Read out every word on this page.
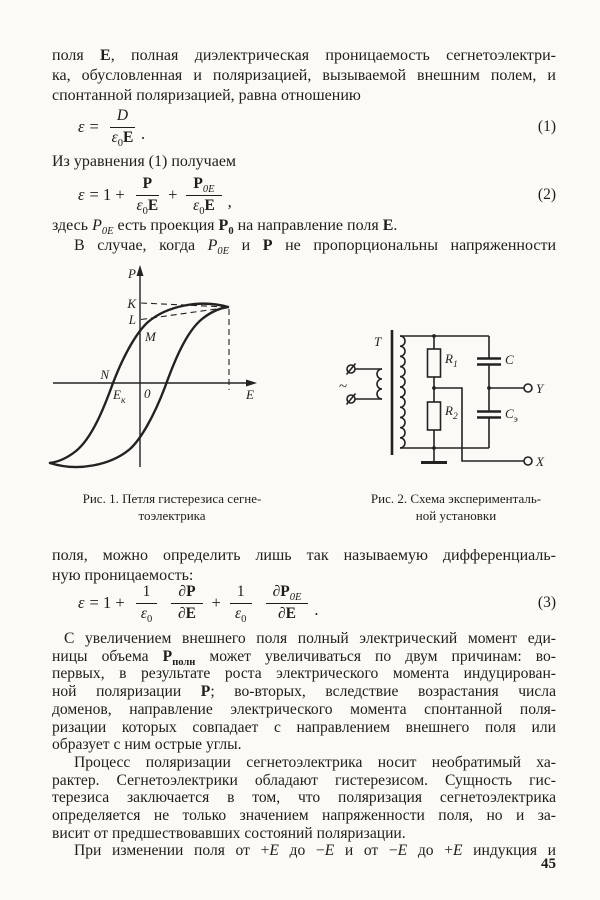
поля Е, полная диэлектрическая проницаемость сегнетоэлектри-
ка, обусловленная и поляризацией, вызываемой внешним полем, и
спонтанной поляризацией, равна отношению
$\varepsilon = \frac{D}{\varepsilon_0E}$ .	(1)
Из уравнения (1) получаем
$\varepsilon = 1 + \frac{P}{\varepsilon_0E} + \frac{P_{0E}}{\varepsilon_0E}$ ,	(2)
здесь $P_{0E}$ есть проекция $P_0$ на направление поля Е.
В случае, когда $P_{0E}$ и Р не пропорциональны напряженности
P
E
K
L
M
N
0
$E_к$
T
~
$R_1$
$R_2$
C
$C_э$
Y
X
Рис. 1. Петля гистерезиса сегне-
тоэлектрика
Рис. 2. Схема эксперименталь-
ной установки
поля, можно определить лишь так называемую дифференциаль-
ную проницаемость:
$\varepsilon = 1 + \frac{1}{\varepsilon_0} \frac{\partial P}{\partial E} + \frac{1}{\varepsilon_0} \frac{\partial P_{0E}}{\partial E}$ .	(3)
С увеличением внешнего поля полный электрический момент еди-
ницы объема $Р_{полн}$ может увеличиваться по двум причинам: во-
первых, в результате роста электрического момента индуцирован-
ной поляризации Р; во-вторых, вследствие возрастания числа
доменов, направление электрического момента спонтанной поля-
ризации которых совпадает с направлением внешнего поля или
образует с ним острые углы.
Процесс поляризации сегнетоэлектрика носит необратимый ха-
рактер. Сегнетоэлектрики обладают гистерезисом. Сущность гис-
терезиса заключается в том, что поляризация сегнетоэлектрика
определяется не только значением напряженности поля, но и за-
висит от предшествовавших состояний поляризации.
При изменении поля от +Е до −Е и от −Е до +Е индукция и
45
